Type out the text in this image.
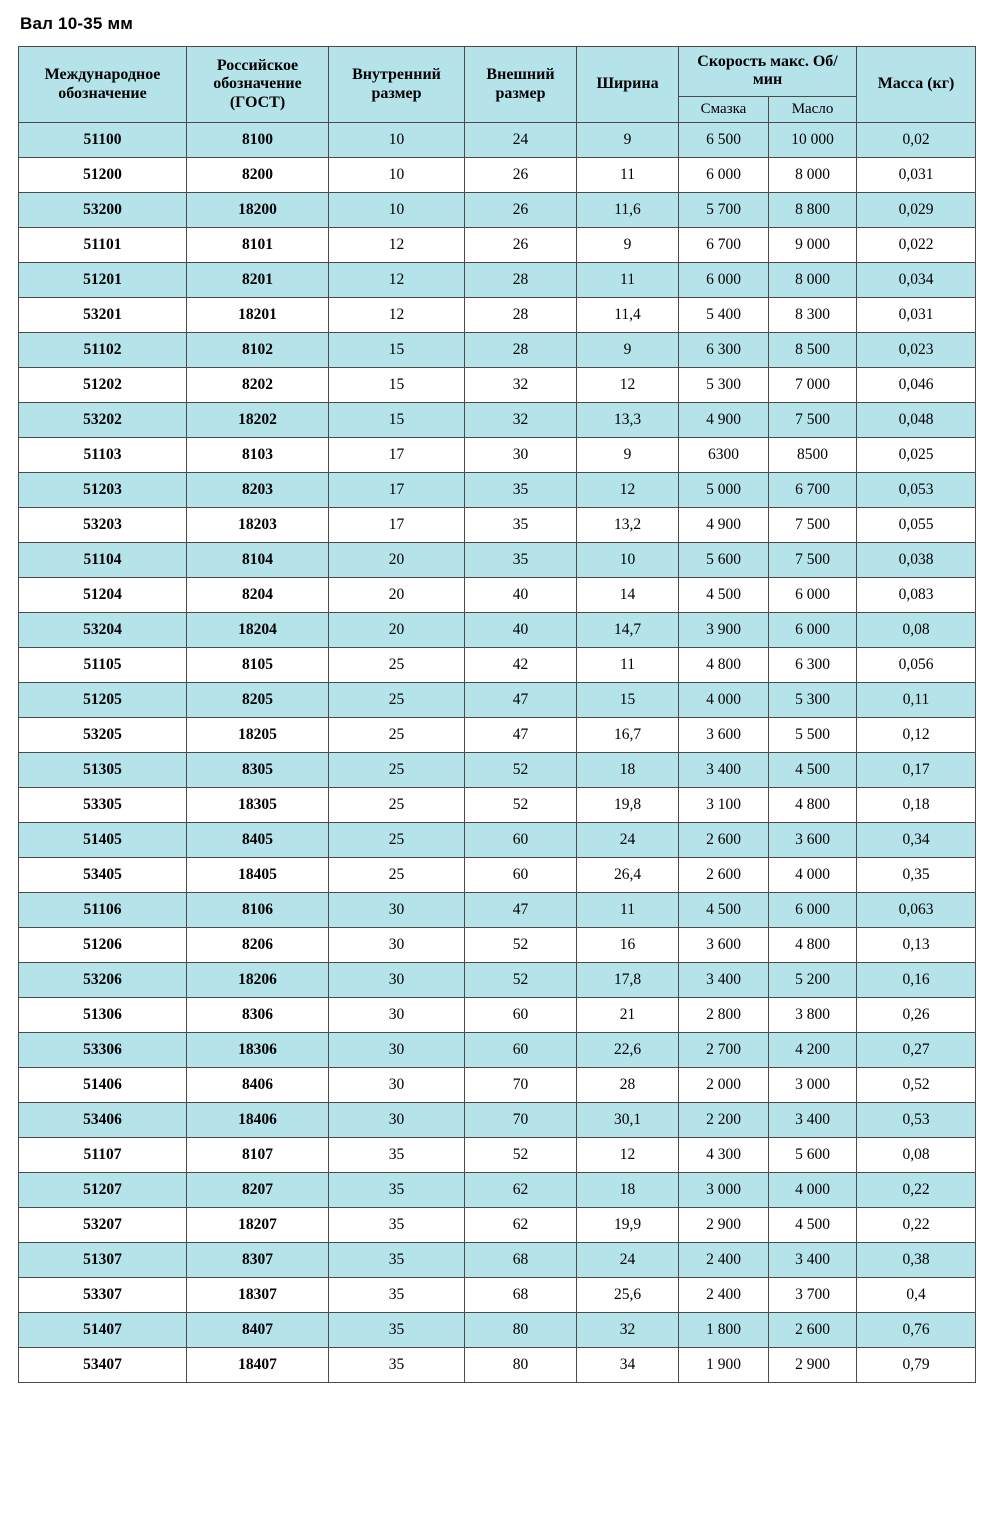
Вал 10-35 мм
Международное обозначение	Российское обозначение (ГОСТ)	Внутренний размер	Внешний размер	Ширина	Скорость макс. Об/мин		Масса (кг)
					Смазка	Масло	
51100	8100	10	24	9	6 500	10 000	0,02
51200	8200	10	26	11	6 000	8 000	0,031
53200	18200	10	26	11,6	5 700	8 800	0,029
51101	8101	12	26	9	6 700	9 000	0,022
51201	8201	12	28	11	6 000	8 000	0,034
53201	18201	12	28	11,4	5 400	8 300	0,031
51102	8102	15	28	9	6 300	8 500	0,023
51202	8202	15	32	12	5 300	7 000	0,046
53202	18202	15	32	13,3	4 900	7 500	0,048
51103	8103	17	30	9	6300	8500	0,025
51203	8203	17	35	12	5 000	6 700	0,053
53203	18203	17	35	13,2	4 900	7 500	0,055
51104	8104	20	35	10	5 600	7 500	0,038
51204	8204	20	40	14	4 500	6 000	0,083
53204	18204	20	40	14,7	3 900	6 000	0,08
51105	8105	25	42	11	4 800	6 300	0,056
51205	8205	25	47	15	4 000	5 300	0,11
53205	18205	25	47	16,7	3 600	5 500	0,12
51305	8305	25	52	18	3 400	4 500	0,17
53305	18305	25	52	19,8	3 100	4 800	0,18
51405	8405	25	60	24	2 600	3 600	0,34
53405	18405	25	60	26,4	2 600	4 000	0,35
51106	8106	30	47	11	4 500	6 000	0,063
51206	8206	30	52	16	3 600	4 800	0,13
53206	18206	30	52	17,8	3 400	5 200	0,16
51306	8306	30	60	21	2 800	3 800	0,26
53306	18306	30	60	22,6	2 700	4 200	0,27
51406	8406	30	70	28	2 000	3 000	0,52
53406	18406	30	70	30,1	2 200	3 400	0,53
51107	8107	35	52	12	4 300	5 600	0,08
51207	8207	35	62	18	3 000	4 000	0,22
53207	18207	35	62	19,9	2 900	4 500	0,22
51307	8307	35	68	24	2 400	3 400	0,38
53307	18307	35	68	25,6	2 400	3 700	0,4
51407	8407	35	80	32	1 800	2 600	0,76
53407	18407	35	80	34	1 900	2 900	0,79
